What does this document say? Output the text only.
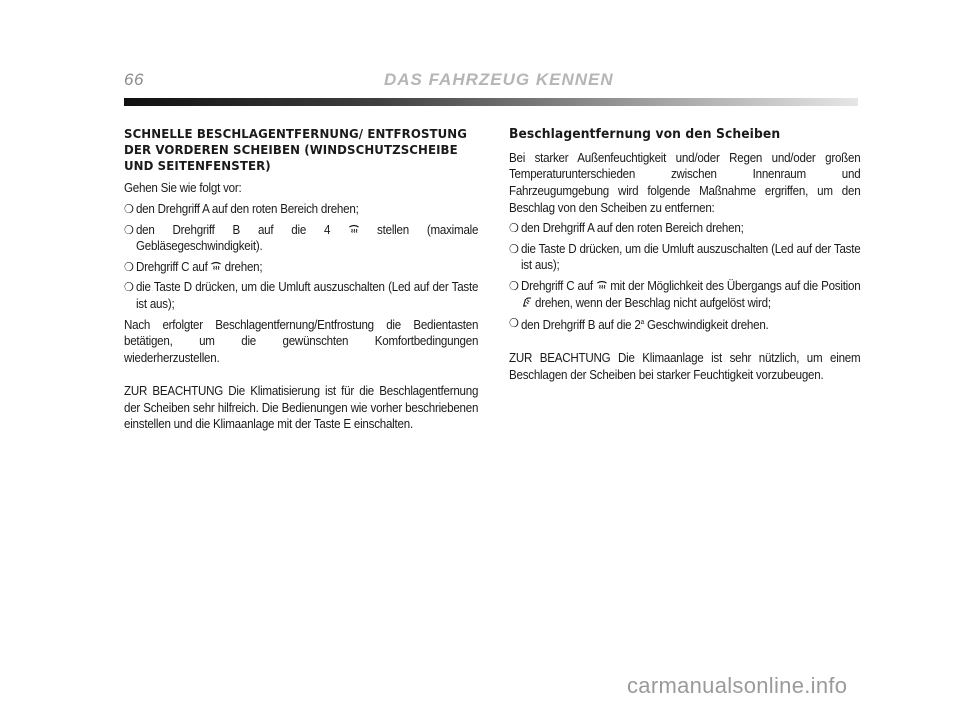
66	DAS FAHRZEUG KENNEN
SCHNELLE BESCHLAGENTFERNUNG/ ENTFROSTUNG DER VORDEREN SCHEIBEN (WINDSCHUTZSCHEIBE UND SEITENFENSTER)

Gehen Sie wie folgt vor:

❍ den Drehgriff A auf den roten Bereich drehen;
❍ den Drehgriff B auf die 4	stellen (maximale Gebläsegeschwindigkeit).
❍ Drehgriff C auf
drehen;
❍ die Taste D drücken, um die Umluft auszuschalten (Led auf der Taste ist aus);

Nach erfolgter Beschlagentfernung/Entfrostung die Bedientasten betätigen, um die gewünschten Komfortbedingungen wiederherzustellen.

ZUR BEACHTUNG Die Klimatisierung ist für die Beschlagentfernung der Scheiben sehr hilfreich. Die Bedienungen wie vorher beschriebenen einstellen und die Klimaanlage mit der Taste E einschalten.

Beschlagentfernung von den Scheiben

Bei starker Außenfeuchtigkeit und/oder Regen und/oder großen Temperaturunterschieden zwischen Innenraum und Fahrzeugumgebung wird folgende Maßnahme ergriffen, um den Beschlag von den Scheiben zu entfernen:

❍ den Drehgriff A auf den roten Bereich drehen;
❍ die Taste D drücken, um die Umluft auszuschalten (Led auf der Taste ist aus);
❍ Drehgriff C auf
mit der Möglichkeit des Übergangs auf die Position
drehen, wenn der Beschlag nicht aufgelöst wird;
❍ den Drehgriff B auf die 2$^a$ Geschwindigkeit drehen.

ZUR BEACHTUNG Die Klimaanlage ist sehr nützlich, um einem Beschlagen der Scheiben bei starker Feuchtigkeit vorzubeugen.

carmanualsonline.info
